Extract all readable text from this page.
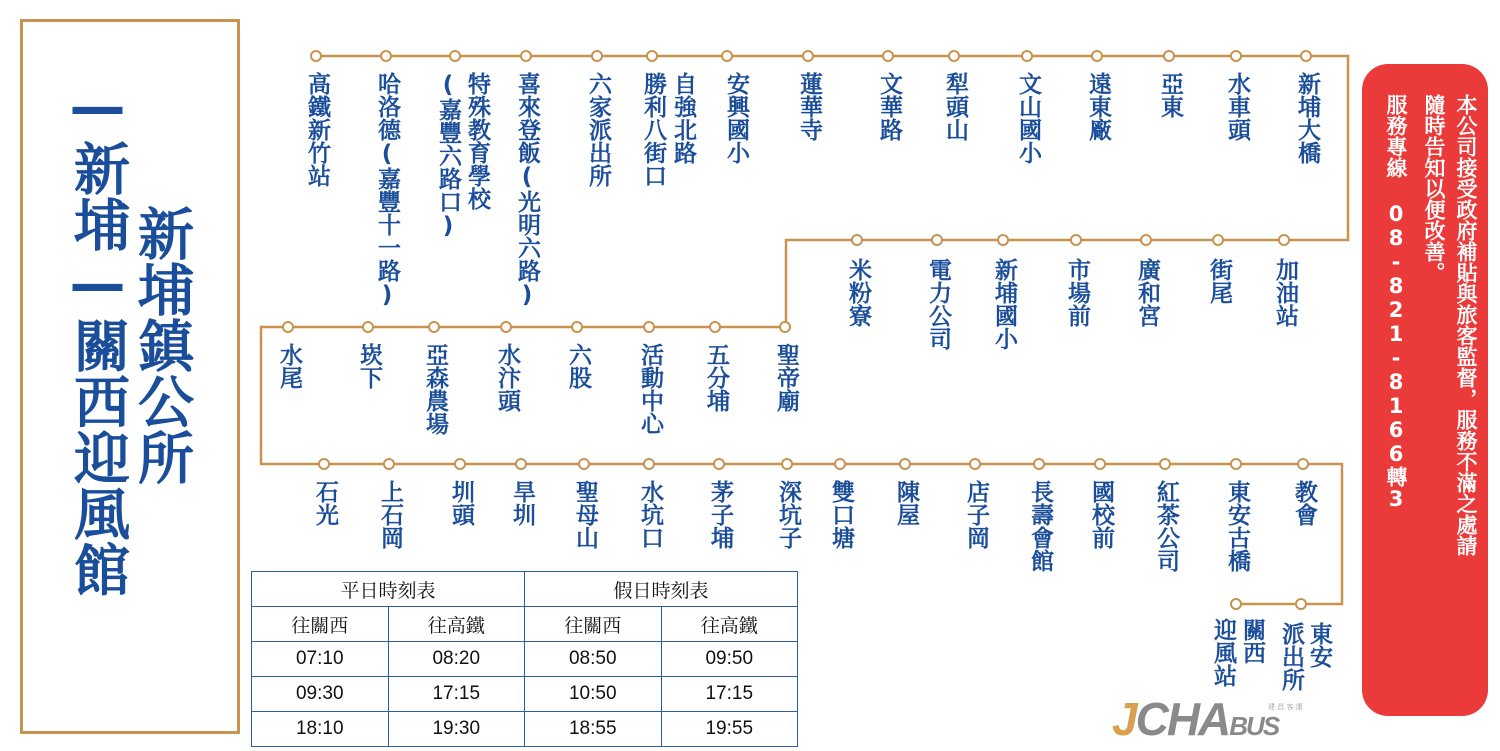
新埔鎮公所
—新埔—關西迎風館
高鐵新竹站 哈洛德(嘉豐十一路)	特殊教育學校
(嘉豐六路口) 喜來登飯(光明六路) 六家派出所	自強北路
勝利八街口 安興國小 蓮華寺 文華路 犁頭山 文山國小 遠東廠 亞東 水車頭 新埔大橋
米粉寮 電力公司 新埔國小 市場前 廣和宮 街尾 加油站
水尾 崁下 亞森農場 水汴頭 六股 活動中心 五分埔 聖帝廟
石光 上石岡 圳頭 旱圳 聖母山 水坑口 茅子埔 深坑子 雙口塘 陳屋 店子岡 長壽會館 國校前 紅茶公司 東安古橋 教會
關西
迎風站	東安
派出所
本公司接受政府補貼與旅客監督，服務不滿之處請
隨時告知以便改善。
服務專線 08-821-8166轉3
平日時刻表		假日時刻表	
往關西	往高鐵	往關西	往高鐵
07:10	08:20	08:50	09:50
09:30	17:15	10:50	17:15
18:10	19:30	18:55	19:55	JCHABUS
建 昌 客 運
